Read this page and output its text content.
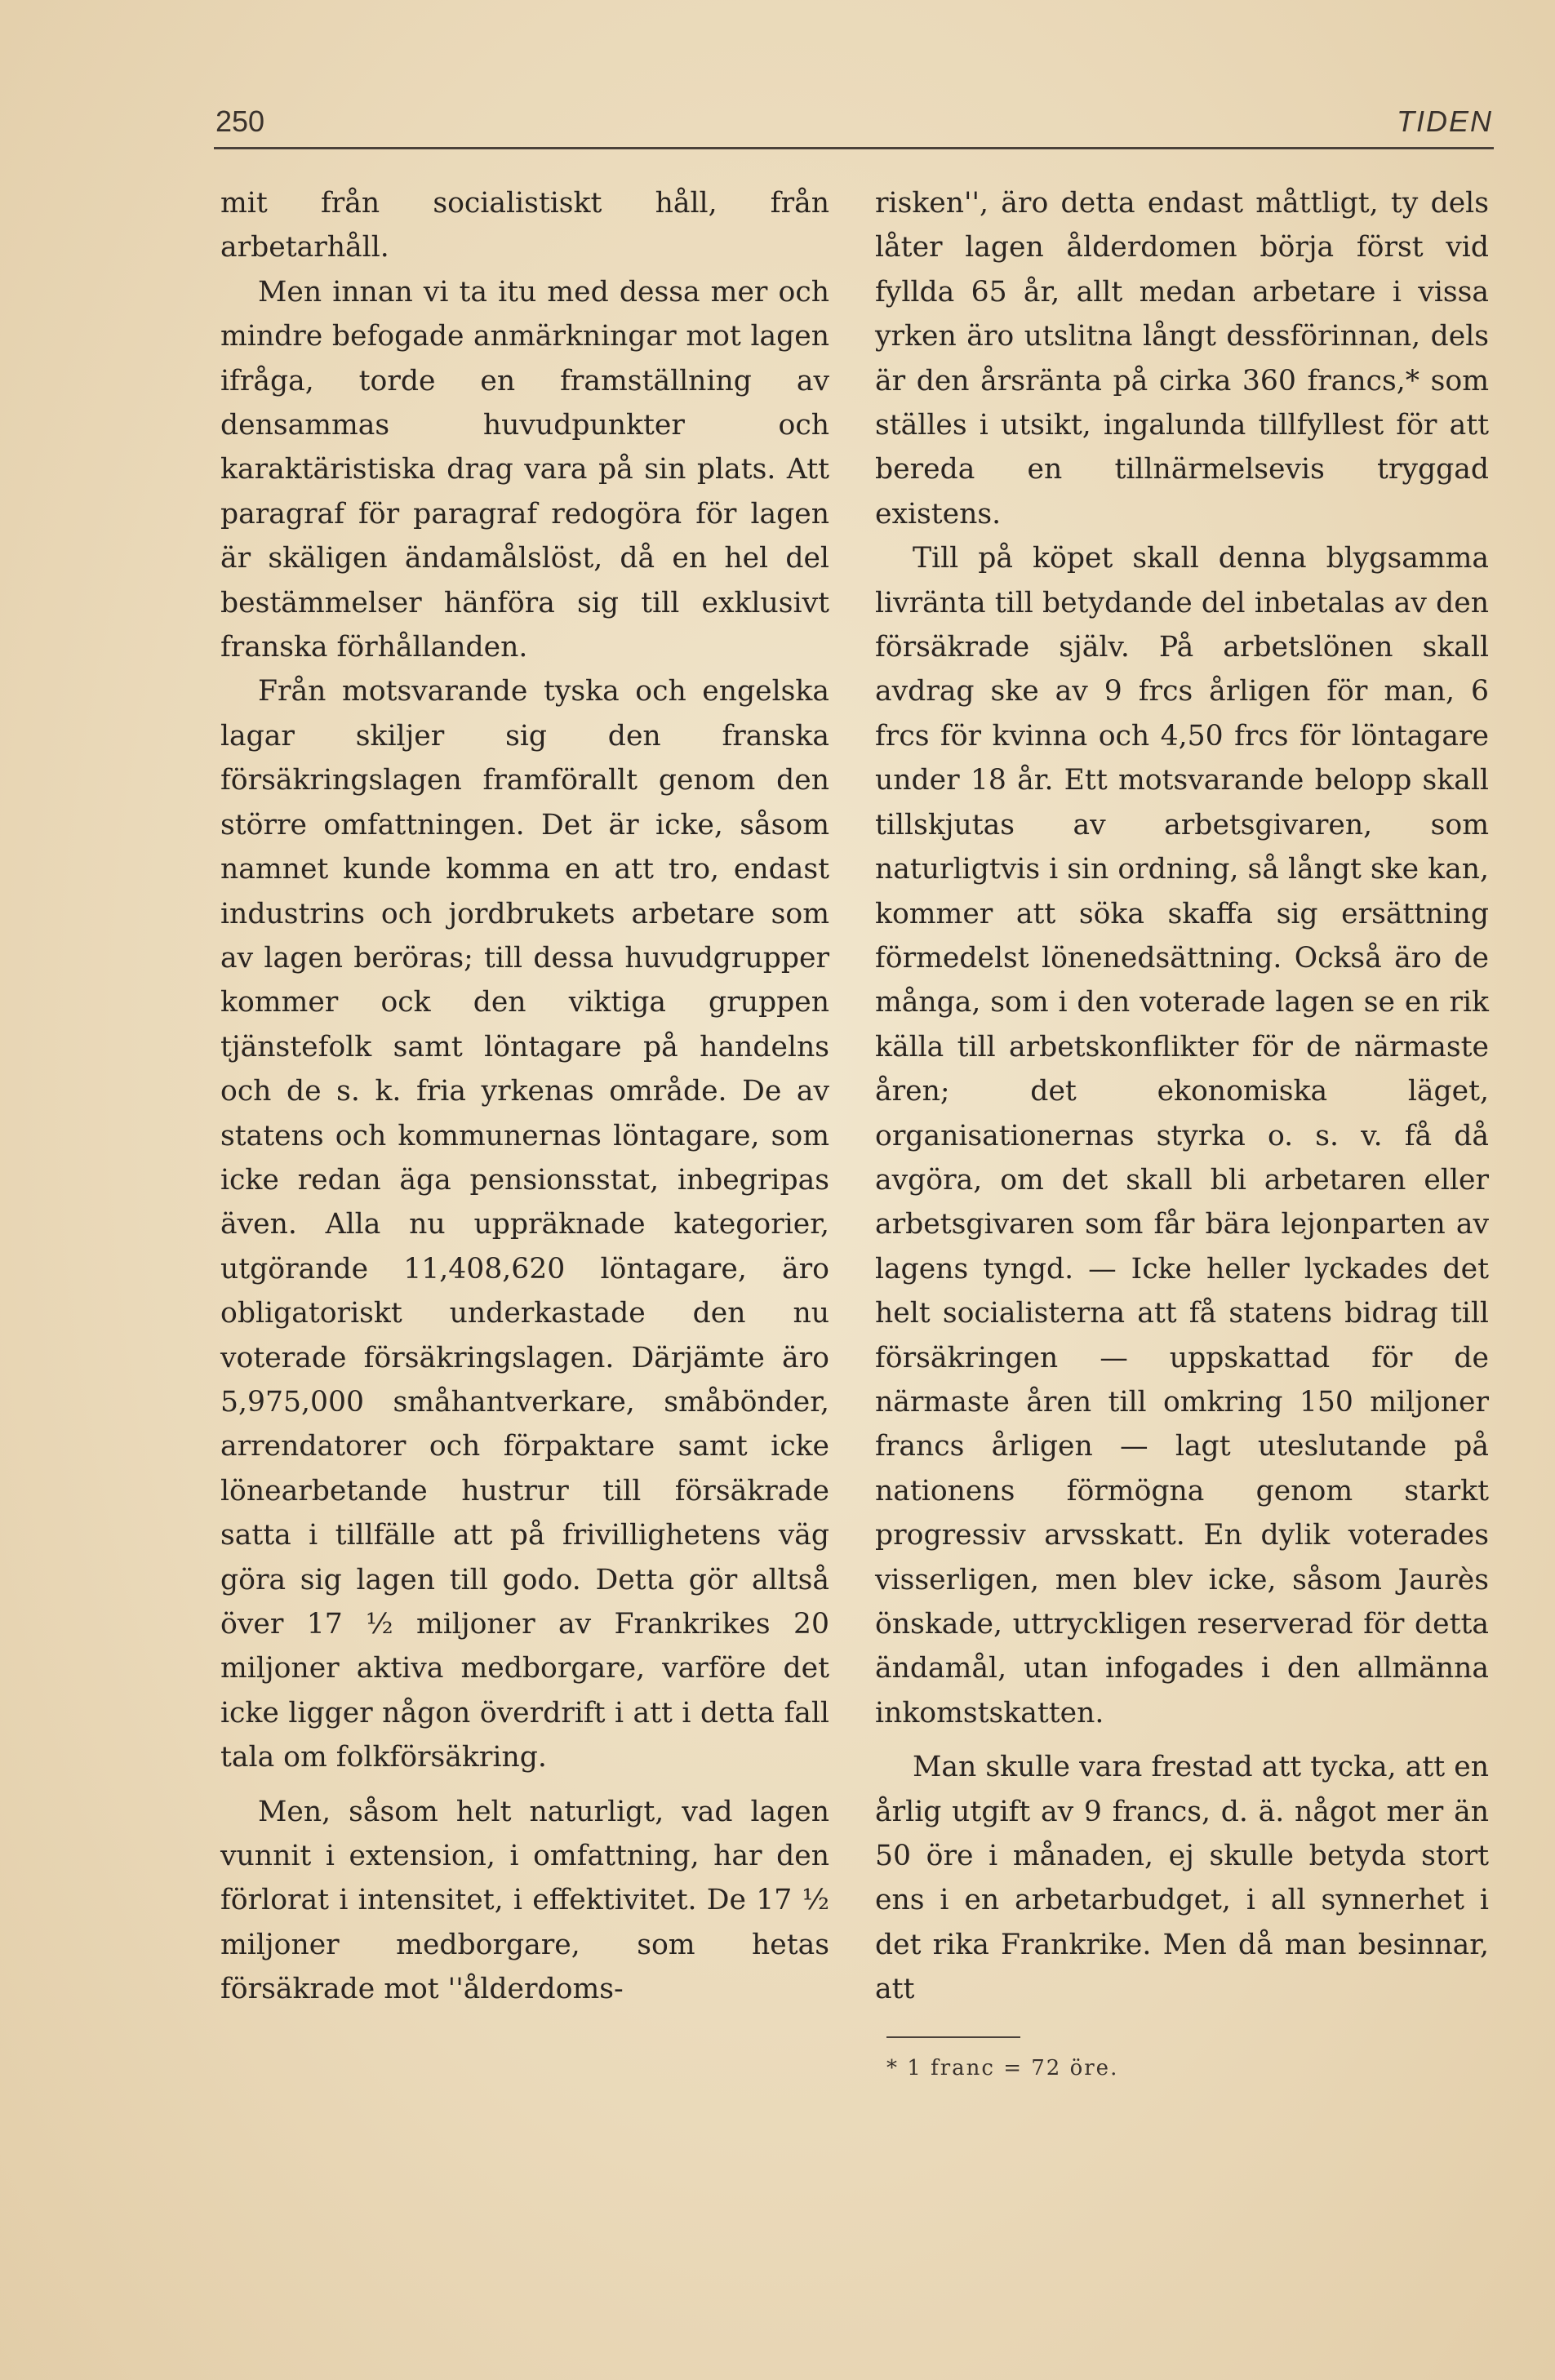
250	TIDEN

mit från socialistiskt håll, från arbetarhåll.

Men innan vi ta itu med dessa mer och mindre befogade anmärkningar mot lagen ifråga, torde en framställning av densammas huvudpunkter och karaktäristiska drag vara på sin plats. Att paragraf för paragraf redogöra för lagen är skäligen ändamålslöst, då en hel del bestämmelser hänföra sig till exklusivt franska förhållanden.

Från motsvarande tyska och engelska lagar skiljer sig den franska försäkringslagen framförallt genom den större omfattningen. Det är icke, såsom namnet kunde komma en att tro, endast industrins och jordbrukets arbetare som av lagen beröras; till dessa huvudgrupper kommer ock den viktiga gruppen tjänstefolk samt löntagare på handelns och de s. k. fria yrkenas område. De av statens och kommunernas löntagare, som icke redan äga pensionsstat, inbegripas även. Alla nu uppräknade kategorier, utgörande 11,408,620 löntagare, äro obligatoriskt underkastade den nu voterade försäkringslagen. Därjämte äro 5,975,000 småhantverkare, småbönder, arrendatorer och förpaktare samt icke lönearbetande hustrur till försäkrade satta i tillfälle att på frivillighetens väg göra sig lagen till godo. Detta gör alltså över 17 ½ miljoner av Frankrikes 20 miljoner aktiva medborgare, varföre det icke ligger någon överdrift i att i detta fall tala om folkförsäkring.

Men, såsom helt naturligt, vad lagen vunnit i extension, i omfattning, har den förlorat i intensitet, i effektivitet. De 17 ½ miljoner medborgare, som hetas försäkrade mot ''ålderdoms-

risken'', äro detta endast måttligt, ty dels låter lagen ålderdomen börja först vid fyllda 65 år, allt medan arbetare i vissa yrken äro utslitna långt dessförinnan, dels är den årsränta på cirka 360 francs,* som ställes i utsikt, ingalunda tillfyllest för att bereda en tillnärmelsevis tryggad existens.

Till på köpet skall denna blygsamma livränta till betydande del inbetalas av den försäkrade själv. På arbetslönen skall avdrag ske av 9 frcs årligen för man, 6 frcs för kvinna och 4,50 frcs för löntagare under 18 år. Ett motsvarande belopp skall tillskjutas av arbetsgivaren, som naturligtvis i sin ordning, så långt ske kan, kommer att söka skaffa sig ersättning förmedelst lönenedsättning. Också äro de många, som i den voterade lagen se en rik källa till arbetskonflikter för de närmaste åren; det ekonomiska läget, organisationernas styrka o. s. v. få då avgöra, om det skall bli arbetaren eller arbetsgivaren som får bära lejonparten av lagens tyngd. — Icke heller lyckades det helt socialisterna att få statens bidrag till försäkringen — uppskattad för de närmaste åren till omkring 150 miljoner francs årligen — lagt uteslutande på nationens förmögna genom starkt progressiv arvsskatt. En dylik voterades visserligen, men blev icke, såsom Jaurès önskade, uttryckligen reserverad för detta ändamål, utan infogades i den allmänna inkomstskatten.

Man skulle vara frestad att tycka, att en årlig utgift av 9 francs, d. ä. något mer än 50 öre i månaden, ej skulle betyda stort ens i en arbetarbudget, i all synnerhet i det rika Frankrike. Men då man besinnar, att

* 1 franc = 72 öre.
